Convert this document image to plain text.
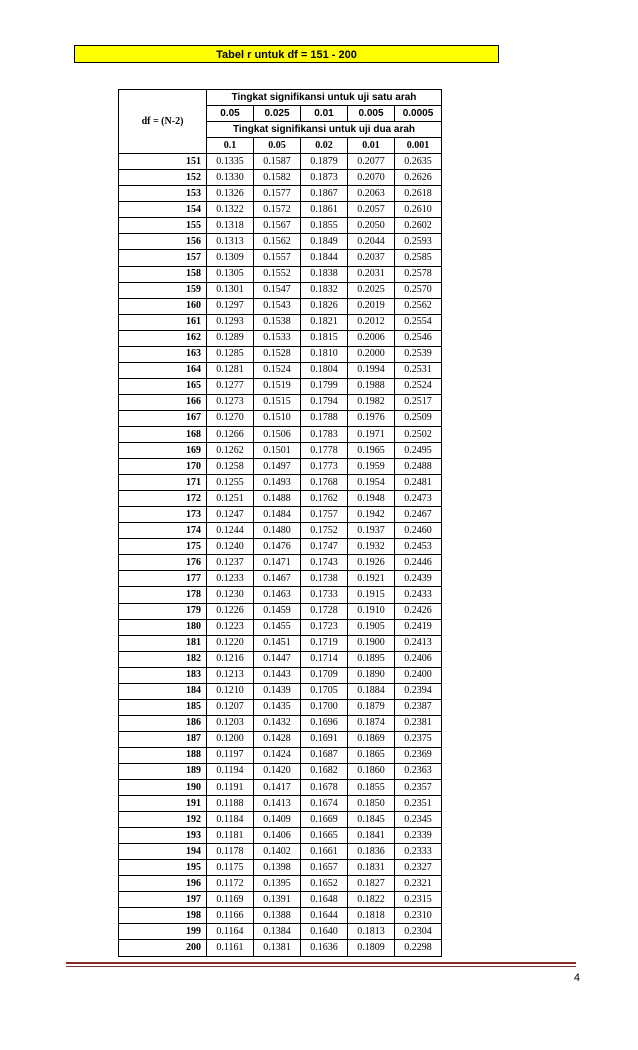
Tabel r untuk df = 151 - 200
df = (N-2)	Tingkat signifikansi untuk uji satu arah				
	0.05	0.025	0.01	0.005	0.0005
	Tingkat signifikansi untuk uji dua arah				
	0.1	0.05	0.02	0.01	0.001
151	0.1335	0.1587	0.1879	0.2077	0.2635
152	0.1330	0.1582	0.1873	0.2070	0.2626
153	0.1326	0.1577	0.1867	0.2063	0.2618
154	0.1322	0.1572	0.1861	0.2057	0.2610
155	0.1318	0.1567	0.1855	0.2050	0.2602
156	0.1313	0.1562	0.1849	0.2044	0.2593
157	0.1309	0.1557	0.1844	0.2037	0.2585
158	0.1305	0.1552	0.1838	0.2031	0.2578
159	0.1301	0.1547	0.1832	0.2025	0.2570
160	0.1297	0.1543	0.1826	0.2019	0.2562
161	0.1293	0.1538	0.1821	0.2012	0.2554
162	0.1289	0.1533	0.1815	0.2006	0.2546
163	0.1285	0.1528	0.1810	0.2000	0.2539
164	0.1281	0.1524	0.1804	0.1994	0.2531
165	0.1277	0.1519	0.1799	0.1988	0.2524
166	0.1273	0.1515	0.1794	0.1982	0.2517
167	0.1270	0.1510	0.1788	0.1976	0.2509
168	0.1266	0.1506	0.1783	0.1971	0.2502
169	0.1262	0.1501	0.1778	0.1965	0.2495
170	0.1258	0.1497	0.1773	0.1959	0.2488
171	0.1255	0.1493	0.1768	0.1954	0.2481
172	0.1251	0.1488	0.1762	0.1948	0.2473
173	0.1247	0.1484	0.1757	0.1942	0.2467
174	0.1244	0.1480	0.1752	0.1937	0.2460
175	0.1240	0.1476	0.1747	0.1932	0.2453
176	0.1237	0.1471	0.1743	0.1926	0.2446
177	0.1233	0.1467	0.1738	0.1921	0.2439
178	0.1230	0.1463	0.1733	0.1915	0.2433
179	0.1226	0.1459	0.1728	0.1910	0.2426
180	0.1223	0.1455	0.1723	0.1905	0.2419
181	0.1220	0.1451	0.1719	0.1900	0.2413
182	0.1216	0.1447	0.1714	0.1895	0.2406
183	0.1213	0.1443	0.1709	0.1890	0.2400
184	0.1210	0.1439	0.1705	0.1884	0.2394
185	0.1207	0.1435	0.1700	0.1879	0.2387
186	0.1203	0.1432	0.1696	0.1874	0.2381
187	0.1200	0.1428	0.1691	0.1869	0.2375
188	0.1197	0.1424	0.1687	0.1865	0.2369
189	0.1194	0.1420	0.1682	0.1860	0.2363
190	0.1191	0.1417	0.1678	0.1855	0.2357
191	0.1188	0.1413	0.1674	0.1850	0.2351
192	0.1184	0.1409	0.1669	0.1845	0.2345
193	0.1181	0.1406	0.1665	0.1841	0.2339
194	0.1178	0.1402	0.1661	0.1836	0.2333
195	0.1175	0.1398	0.1657	0.1831	0.2327
196	0.1172	0.1395	0.1652	0.1827	0.2321
197	0.1169	0.1391	0.1648	0.1822	0.2315
198	0.1166	0.1388	0.1644	0.1818	0.2310
199	0.1164	0.1384	0.1640	0.1813	0.2304
200	0.1161	0.1381	0.1636	0.1809	0.2298
4
